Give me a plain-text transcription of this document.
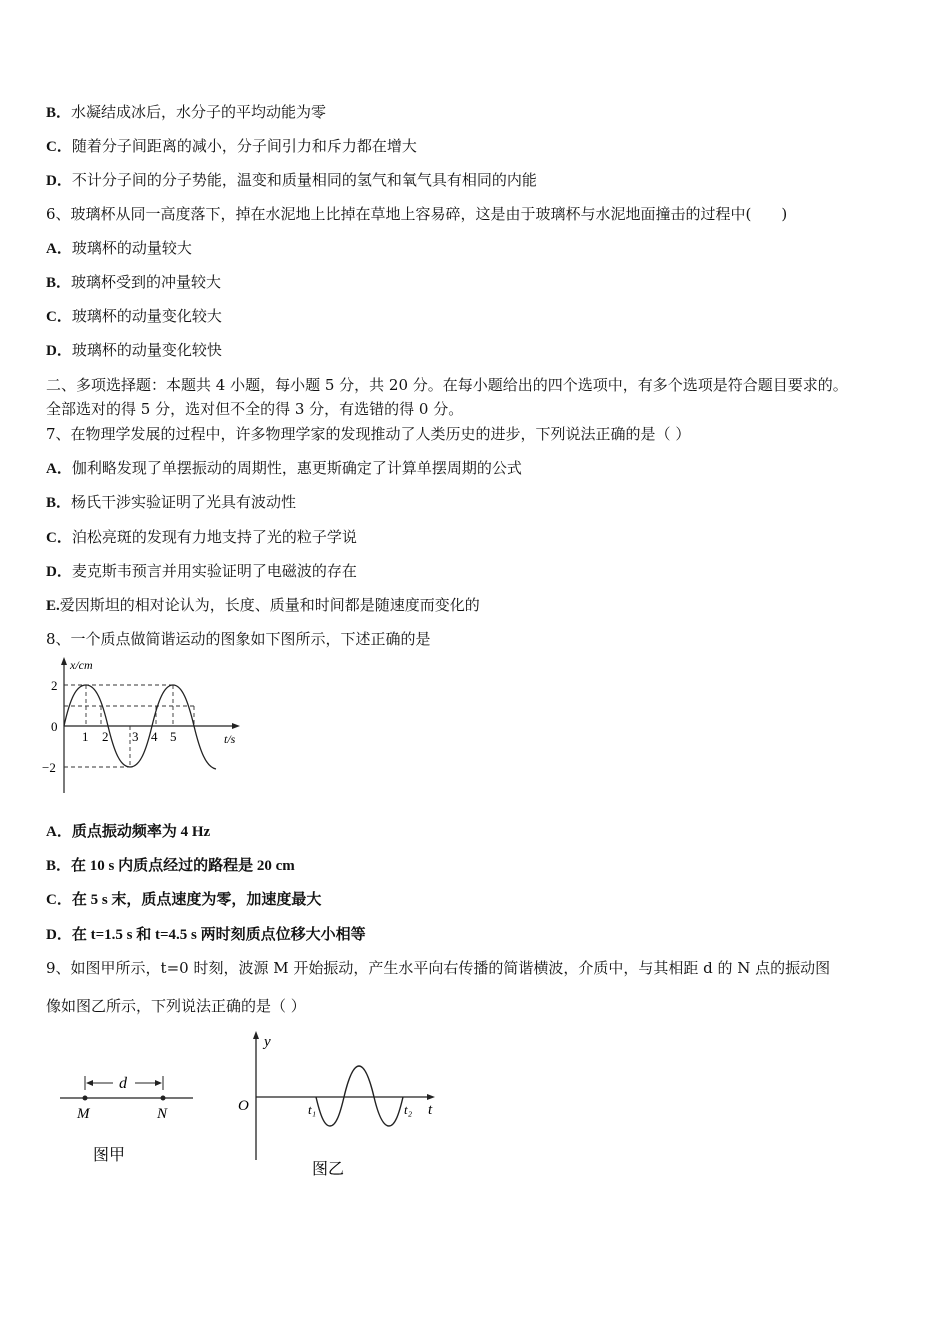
B．水凝结成冰后，水分子的平均动能为零
C．随着分子间距离的减小，分子间引力和斥力都在增大
D．不计分子间的分子势能，温变和质量相同的氢气和氧气具有相同的内能
6、玻璃杯从同一高度落下，掉在水泥地上比掉在草地上容易碎，这是由于玻璃杯与水泥地面撞击的过程中(　　)
A．玻璃杯的动量较大
B．玻璃杯受到的冲量较大
C．玻璃杯的动量变化较大
D．玻璃杯的动量变化较快
二、多项选择题：本题共 4 小题，每小题 5 分，共 20 分。在每小题给出的四个选项中，有多个选项是符合题目要求的。
全部选对的得 5 分，选对但不全的得 3 分，有选错的得 0 分。
7、在物理学发展的过程中，许多物理学家的发现推动了人类历史的进步，下列说法正确的是（ ）
A．伽利略发现了单摆振动的周期性，惠更斯确定了计算单摆周期的公式
B．杨氏干涉实验证明了光具有波动性
C．泊松亮斑的发现有力地支持了光的粒子学说
D．麦克斯韦预言并用实验证明了电磁波的存在
E.爱因斯坦的相对论认为，长度、质量和时间都是随速度而变化的
8、一个质点做简谐运动的图象如下图所示，下述正确的是
x/cm
2
0
−2
1 2 3 4 5	t/s
A．质点振动频率为 4 Hz
B．在 10 s 内质点经过的路程是 20 cm
C．在 5 s 末，质点速度为零，加速度最大
D．在 t=1.5 s 和 t=4.5 s 两时刻质点位移大小相等
9、如图甲所示，t=0 时刻，波源 M 开始振动，产生水平向右传播的简谐横波，介质中，与其相距 d 的 N 点的振动图
像如图乙所示，下列说法正确的是（ ）
d
M	N
图甲
y
O	t₁	t₂ t
图乙
